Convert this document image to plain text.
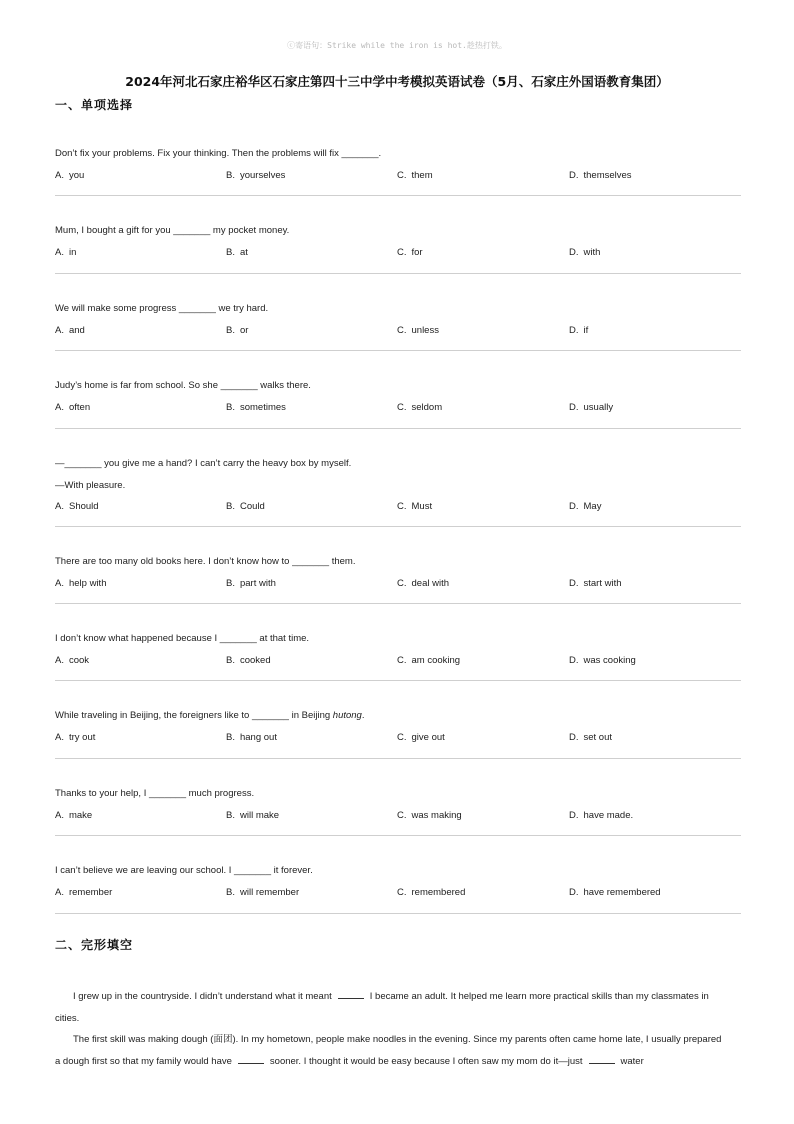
ⓒ寄语句：Strike while the iron is hot.趁热打铁。
2024年河北石家庄裕华区石家庄第四十三中学中考模拟英语试卷（5月、石家庄外国语教育集团）
一、单项选择
Don’t fix your problems. Fix your thinking. Then the problems will fix _______.
A. you	B. yourselves	C. them	D. themselves
Mum, I bought a gift for you _______ my pocket money.
A. in	B. at	C. for	D. with
We will make some progress _______ we try hard.
A. and	B. or	C. unless	D. if
Judy’s home is far from school. So she _______ walks there.
A. often	B. sometimes	C. seldom	D. usually
—_______ you give me a hand? I can’t carry the heavy box by myself.
—With pleasure.
A. Should	B. Could	C. Must	D. May
There are too many old books here. I don’t know how to _______ them.
A. help with	B. part with	C. deal with	D. start with
I don’t know what happened because I _______ at that time.
A. cook	B. cooked	C. am cooking	D. was cooking
While traveling in Beijing, the foreigners like to _______ in Beijing hutong.
A. try out	B. hang out	C. give out	D. set out
Thanks to your help, I _______ much progress.
A. make	B. will make	C. was making	D. have made.
I can’t believe we are leaving our school. I _______ it forever.
A. remember	B. will remember	C. remembered	D. have remembered
二、完形填空

I grew up in the countryside. I didn’t understand what it meant	I became an adult. It helped me learn more practical skills than my classmates in cities.

The first skill was making dough (面团). In my hometown, people make noodles in the evening. Since my parents often came home late, I usually prepared a dough first so that my family would have	sooner. I thought it would be easy because I often saw my mom do it—just	water
